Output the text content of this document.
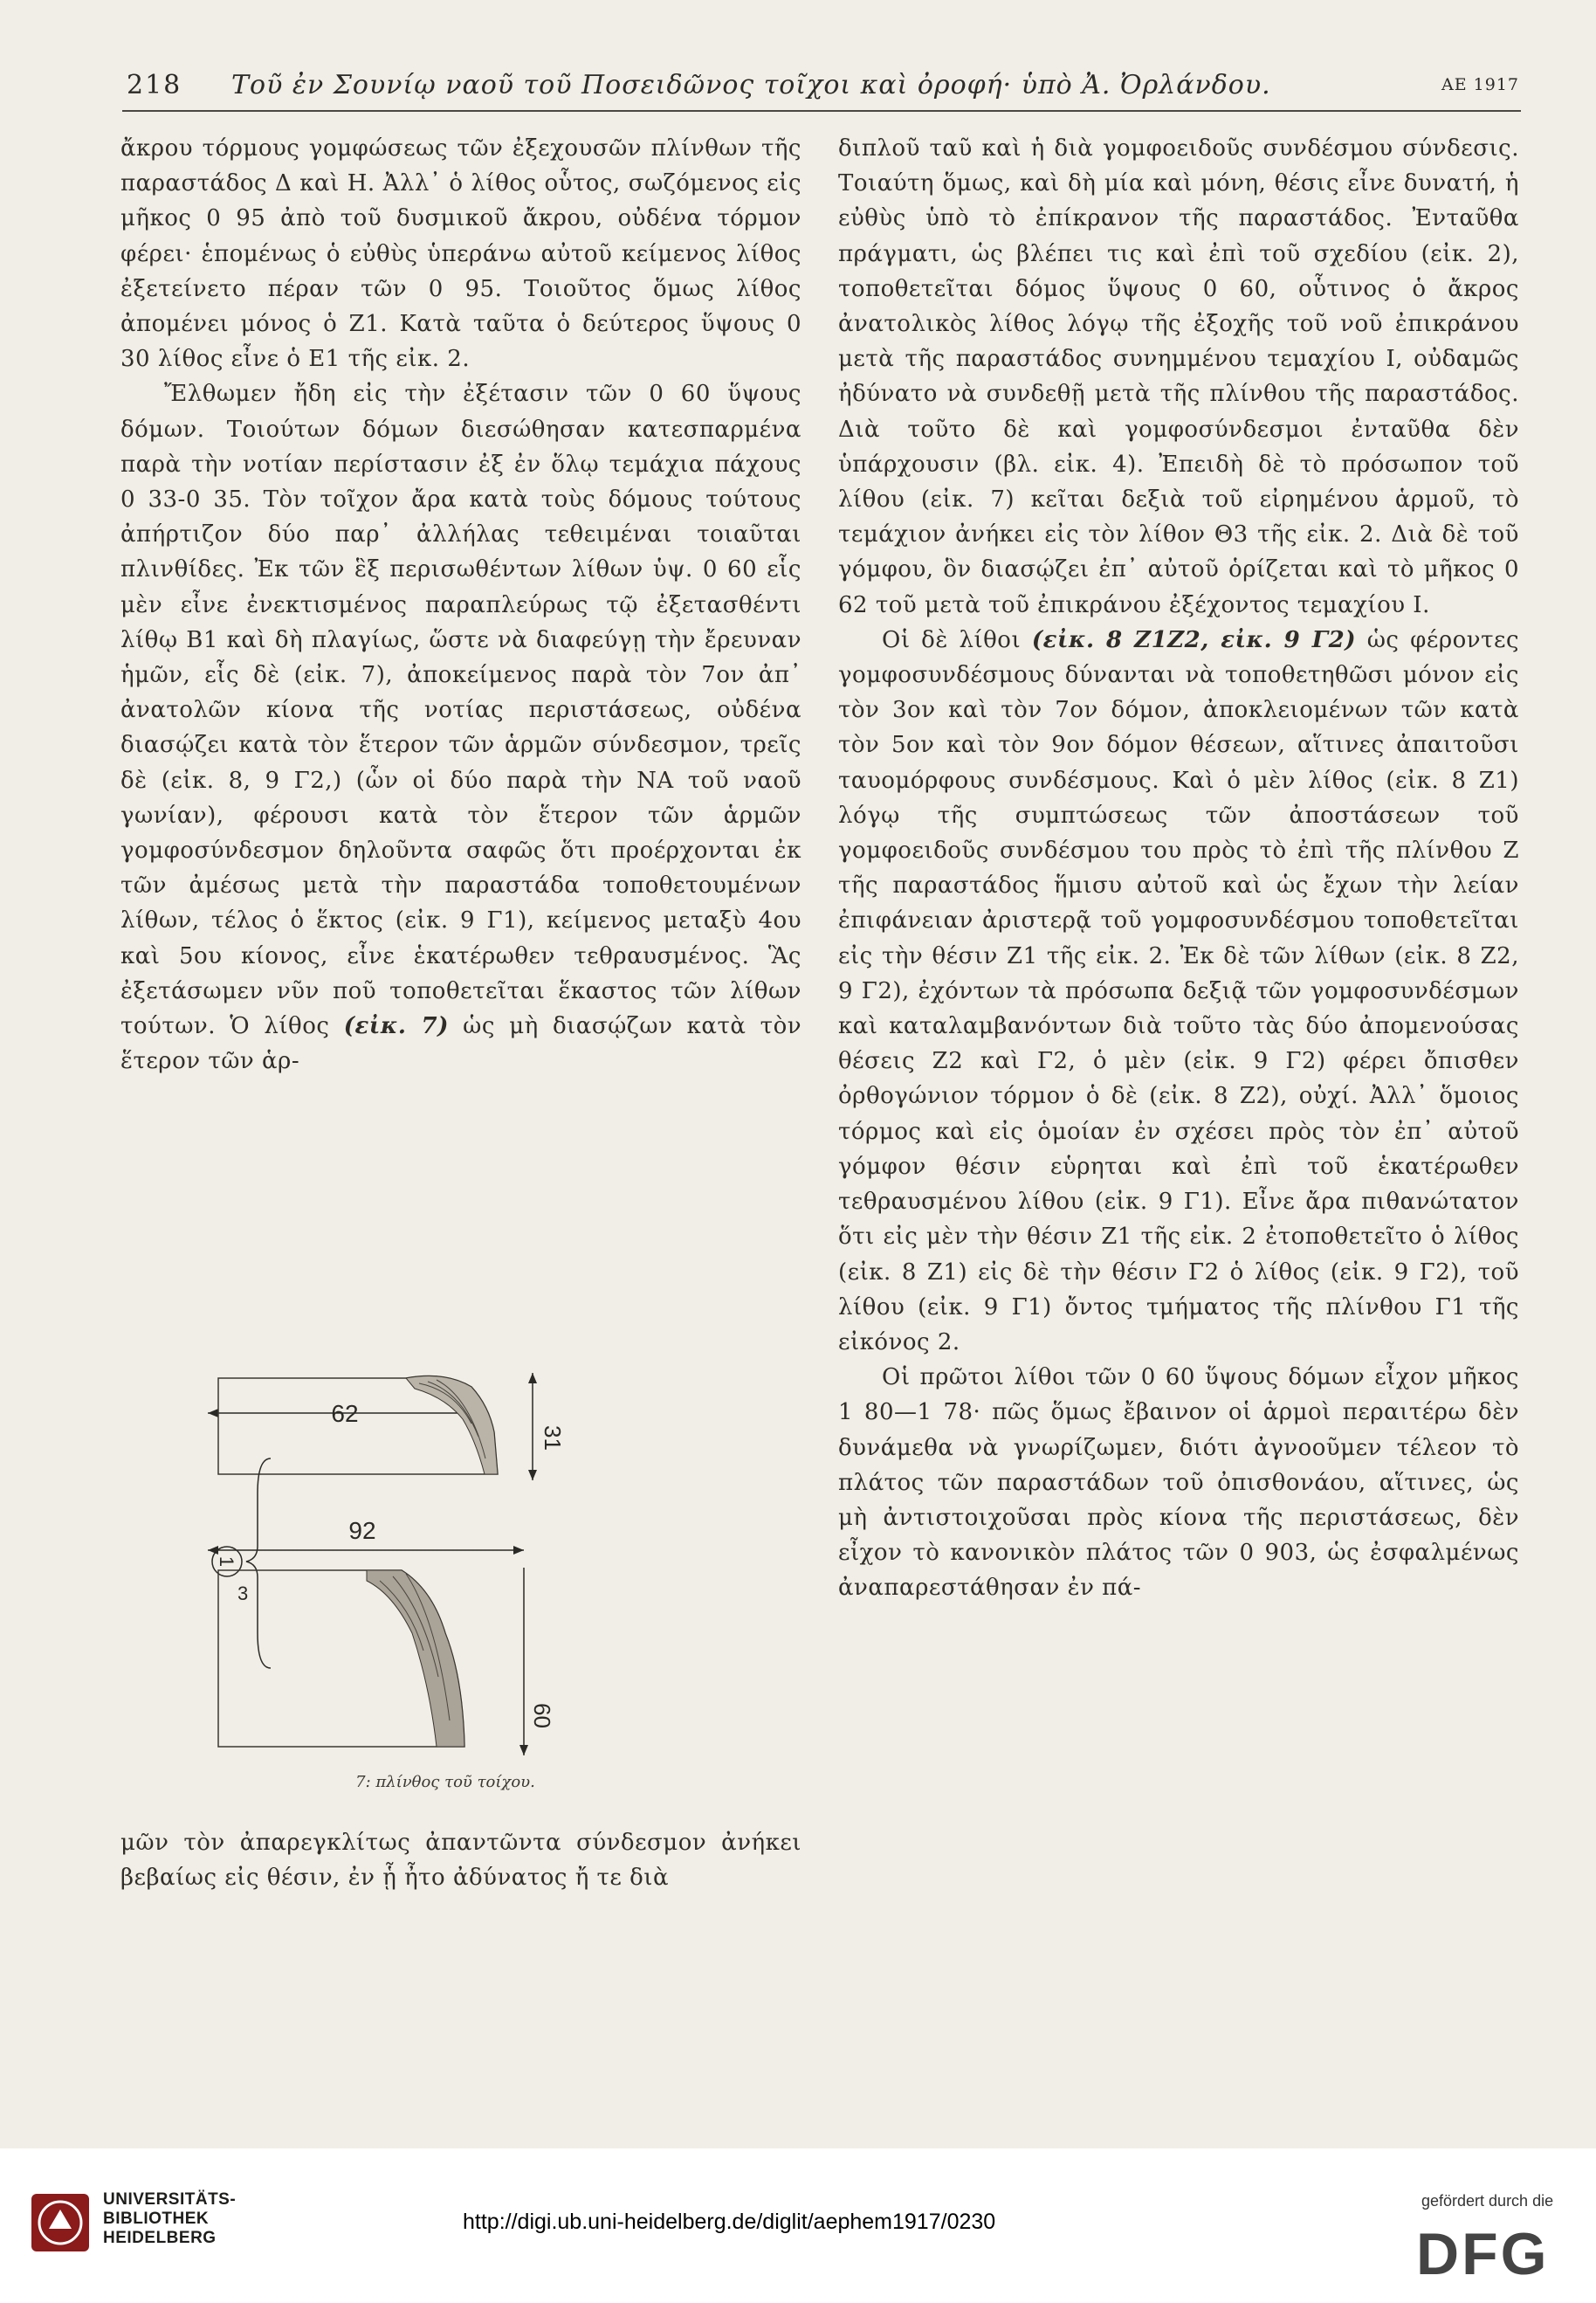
218 Τοῦ ἐν Σουνίῳ ναοῦ τοῦ Ποσειδῶνος τοῖχοι καὶ ὀροφή· ὑπὸ Ἀ. Ὀρλάνδου.	ΑΕ 1917

ἄκρου τόρμους γομφώσεως τῶν ἐξεχουσῶν πλίνθων τῆς παραστάδος Δ καὶ Η. Ἀλλ᾽ ὁ λίθος οὗτος, σωζόμενος εἰς μῆκος 0 95 ἀπὸ τοῦ δυσμικοῦ ἄκρου, οὐδένα τόρμον φέρει· ἑπομένως ὁ εὐθὺς ὑπεράνω αὐτοῦ κείμενος λίθος ἐξετείνετο πέραν τῶν 0 95. Τοιοῦτος ὅμως λίθος ἀπομένει μόνος ὁ Ζ1. Κατὰ ταῦτα ὁ δεύτερος ὕψους 0 30 λίθος εἶνε ὁ Ε1 τῆς εἰκ. 2.

Ἔλθωμεν ἤδη εἰς τὴν ἐξέτασιν τῶν 0 60 ὕψους δόμων. Τοιούτων δόμων διεσώθησαν κατεσπαρμένα παρὰ τὴν νοτίαν περίστασιν ἐξ ἐν ὅλῳ τεμάχια πάχους 0 33-0 35. Τὸν τοῖχον ἄρα κατὰ τοὺς δόμους τούτους ἀπήρτιζον δύο παρ᾽ ἀλλήλας τεθειμέναι τοιαῦται πλινθίδες. Ἐκ τῶν ἓξ περισωθέντων λίθων ὑψ. 0 60 εἷς μὲν εἶνε ἐνεκτισμένος παραπλεύρως τῷ ἐξετασθέντι λίθῳ Β1 καὶ δὴ πλαγίως, ὥστε νὰ διαφεύγῃ τὴν ἔρευναν ἡμῶν, εἷς δὲ (εἰκ. 7), ἀποκείμενος παρὰ τὸν 7ον ἀπ᾽ ἀνατολῶν κίονα τῆς νοτίας περιστάσεως, οὐδένα διασῴζει κατὰ τὸν ἕτερον τῶν ἁρμῶν σύνδεσμον, τρεῖς δὲ (εἰκ. 8, 9 Γ2,) (ὧν οἱ δύο παρὰ τὴν ΝΑ τοῦ ναοῦ γωνίαν), φέρουσι κατὰ τὸν ἕτερον τῶν ἁρμῶν γομφοσύνδεσμον δηλοῦντα σαφῶς ὅτι προέρχονται ἐκ τῶν ἀμέσως μετὰ τὴν παραστάδα τοποθετουμένων λίθων, τέλος ὁ ἕκτος (εἰκ. 9 Γ1), κείμενος μεταξὺ 4ου καὶ 5ου κίονος, εἶνε ἑκατέρωθεν τεθραυσμένος. Ἃς ἐξετάσωμεν νῦν ποῦ τοποθετεῖται ἕκαστος τῶν λίθων τούτων. Ὁ λίθος (εἰκ. 7) ὡς μὴ διασῴζων κατὰ τὸν ἕτερον τῶν ἁρ-

62
31
92
1
3
60
7: πλίνθος τοῦ τοίχου.

μῶν τὸν ἀπαρεγκλίτως ἀπαντῶντα σύνδεσμον ἀνήκει βεβαίως εἰς θέσιν, ἐν ᾗ ἦτο ἀδύνατος ἤ τε διὰ

διπλοῦ ταῦ καὶ ἡ διὰ γομφοειδοῦς συνδέσμου σύνδεσις. Τοιαύτη ὅμως, καὶ δὴ μία καὶ μόνη, θέσις εἶνε δυνατή, ἡ εὐθὺς ὑπὸ τὸ ἐπίκρανον τῆς παραστάδος. Ἐνταῦθα πράγματι, ὡς βλέπει τις καὶ ἐπὶ τοῦ σχεδίου (εἰκ. 2), τοποθετεῖται δόμος ὕψους 0 60, οὗτινος ὁ ἄκρος ἀνατολικὸς λίθος λόγῳ τῆς ἐξοχῆς τοῦ νοῦ ἐπικράνου μετὰ τῆς παραστάδος συνημμένου τεμαχίου Ι, οὐδαμῶς ἠδύνατο νὰ συνδεθῇ μετὰ τῆς πλίνθου τῆς παραστάδος. Διὰ τοῦτο δὲ καὶ γομφοσύνδεσμοι ἐνταῦθα δὲν ὑπάρχουσιν (βλ. εἰκ. 4). Ἐπειδὴ δὲ τὸ πρόσωπον τοῦ λίθου (εἰκ. 7) κεῖται δεξιὰ τοῦ εἰρημένου ἁρμοῦ, τὸ τεμάχιον ἀνήκει εἰς τὸν λίθον Θ3 τῆς εἰκ. 2. Διὰ δὲ τοῦ γόμφου, ὃν διασῴζει ἐπ᾽ αὐτοῦ ὁρίζεται καὶ τὸ μῆκος 0 62 τοῦ μετὰ τοῦ ἐπικράνου ἐξέχοντος τεμαχίου Ι.

Οἱ δὲ λίθοι (εἰκ. 8 Ζ1Ζ2, εἰκ. 9 Γ2) ὡς φέροντες γομφοσυνδέσμους δύνανται νὰ τοποθετηθῶσι μόνον εἰς τὸν 3ον καὶ τὸν 7ον δόμον, ἀποκλειομένων τῶν κατὰ τὸν 5ον καὶ τὸν 9ον δόμον θέσεων, αἵτινες ἀπαιτοῦσι ταυομόρφους συνδέσμους. Καὶ ὁ μὲν λίθος (εἰκ. 8 Ζ1) λόγῳ τῆς συμπτώσεως τῶν ἀποστάσεων τοῦ γομφοειδοῦς συνδέσμου του πρὸς τὸ ἐπὶ τῆς πλίνθου Ζ τῆς παραστάδος ἥμισυ αὐτοῦ καὶ ὡς ἔχων τὴν λείαν ἐπιφάνειαν ἀριστερᾷ τοῦ γομφοσυνδέσμου τοποθετεῖται εἰς τὴν θέσιν Ζ1 τῆς εἰκ. 2. Ἐκ δὲ τῶν λίθων (εἰκ. 8 Ζ2, 9 Γ2), ἐχόντων τὰ πρόσωπα δεξιᾷ τῶν γομφοσυνδέσμων καὶ καταλαμβανόντων διὰ τοῦτο τὰς δύο ἀπομενούσας θέσεις Ζ2 καὶ Γ2, ὁ μὲν (εἰκ. 9 Γ2) φέρει ὄπισθεν ὀρθογώνιον τόρμον ὁ δὲ (εἰκ. 8 Ζ2), οὐχί. Ἀλλ᾽ ὅμοιος τόρμος καὶ εἰς ὁμοίαν ἐν σχέσει πρὸς τὸν ἐπ᾽ αὐτοῦ γόμφον θέσιν εὑρηται καὶ ἐπὶ τοῦ ἑκατέρωθεν τεθραυσμένου λίθου (εἰκ. 9 Γ1). Εἶνε ἄρα πιθανώτατον ὅτι εἰς μὲν τὴν θέσιν Ζ1 τῆς εἰκ. 2 ἐτοποθετεῖτο ὁ λίθος (εἰκ. 8 Ζ1) εἰς δὲ τὴν θέσιν Γ2 ὁ λίθος (εἰκ. 9 Γ2), τοῦ λίθου (εἰκ. 9 Γ1) ὄντος τμήματος τῆς πλίνθου Γ1 τῆς εἰκόνος 2.

Οἱ πρῶτοι λίθοι τῶν 0 60 ὕψους δόμων εἶχον μῆκος 1 80—1 78· πῶς ὅμως ἔβαινον οἱ ἁρμοὶ περαιτέρω δὲν δυνάμεθα νὰ γνωρίζωμεν, διότι ἀγνοοῦμεν τέλεον τὸ πλάτος τῶν παραστάδων τοῦ ὀπισθονάου, αἵτινες, ὡς μὴ ἀντιστοιχοῦσαι πρὸς κίονα τῆς περιστάσεως, δὲν εἶχον τὸ κανονικὸν πλάτος τῶν 0 903, ὡς ἐσφαλμένως ἀναπαρεστάθησαν ἐν πά-

UNIVERSITÄTS-
BIBLIOTHEK
HEIDELBERG
http://digi.ub.uni-heidelberg.de/diglit/aephem1917/0230
gefördert durch die
DFG
